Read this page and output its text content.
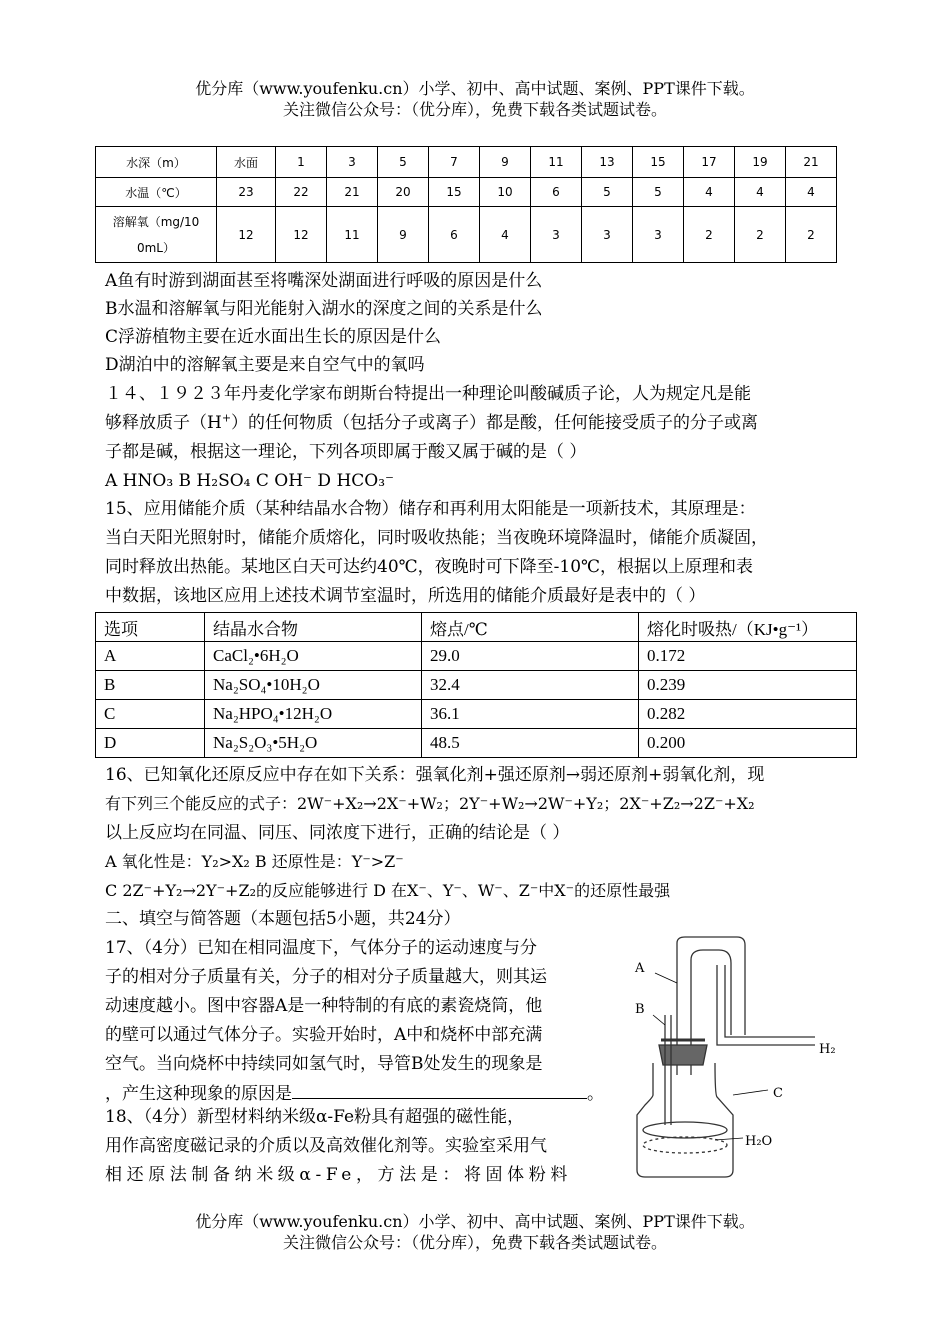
优分库（www.youfenku.cn）小学、初中、高中试题、案例、PPT课件下载。
关注微信公众号：（优分库），免费下载各类试题试卷。
水深（m）	水面	1	3	5	7	9	11	13	15	17	19	21
水温（℃）	23	22	21	20	15	10	6	5	5	4	4	4
溶解氧（mg/10
0mL）	12	12	11	9	6	4	3	3	3	2	2	2
A鱼有时游到湖面甚至将嘴深处湖面进行呼吸的原因是什么
B水温和溶解氧与阳光能射入湖水的深度之间的关系是什么
C浮游植物主要在近水面出生长的原因是什么
D湖泊中的溶解氧主要是来自空气中的氧吗
１４、１９２３年丹麦化学家布朗斯台特提出一种理论叫酸碱质子论，人为规定凡是能
够释放质子（H+）的任何物质（包括分子或离子）都是酸，任何能接受质子的分子或离
子都是碱，根据这一理论，下列各项即属于酸又属于碱的是（ ）
A HNO₃ B H₂SO₄ C OH⁻ D HCO₃⁻
15、应用储能介质（某种结晶水合物）储存和再利用太阳能是一项新技术，其原理是：
当白天阳光照射时，储能介质熔化，同时吸收热能；当夜晚环境降温时，储能介质凝固，
同时释放出热能。某地区白天可达约40℃，夜晚时可下降至-10℃，根据以上原理和表
中数据，该地区应用上述技术调节室温时，所选用的储能介质最好是表中的（ ）
选项	结晶水合物	熔点/℃	熔化时吸热/（KJ•g⁻¹）
A	CaCl₂•6H₂O	29.0	0.172
B	Na₂SO₄•10H₂O	32.4	0.239
C	Na₂HPO₄•12H₂O	36.1	0.282
D	Na₂S₂O₃•5H₂O	48.5	0.200
16、已知氧化还原反应中存在如下关系：强氧化剂+强还原剂→弱还原剂+弱氧化剂，现
有下列三个能反应的式子：2W⁻+X₂→2X⁻+W₂；2Y⁻+W₂→2W⁻+Y₂；2X⁻+Z₂→2Z⁻+X₂
以上反应均在同温、同压、同浓度下进行，正确的结论是（ ）
A 氧化性是：Y₂>X₂ B 还原性是：Y⁻>Z⁻
C 2Z⁻+Y₂→2Y⁻+Z₂的反应能够进行 D 在X⁻、Y⁻、W⁻、Z⁻中X⁻的还原性最强
二、填空与简答题（本题包括5小题，共24分）
17、（4分）已知在相同温度下，气体分子的运动速度与分
子的相对分子质量有关，分子的相对分子质量越大，则其运
动速度越小。图中容器A是一种特制的有底的素瓷烧筒，他
的壁可以通过气体分子。实验开始时，A中和烧杯中部充满
空气。当向烧杯中持续同如氢气时，导管B处发生的现象是
，产生这种现象的原因是	。
18、（4分）新型材料纳米级α-Fe粉具有超强的磁性能，
用作高密度磁记录的介质以及高效催化剂等。实验室采用气
相还原法制备纳米级α-Fe，方法是：将固体粉料
A
B
C
H₂
H₂O
优分库（www.youfenku.cn）小学、初中、高中试题、案例、PPT课件下载。
关注微信公众号：（优分库），免费下载各类试题试卷。
